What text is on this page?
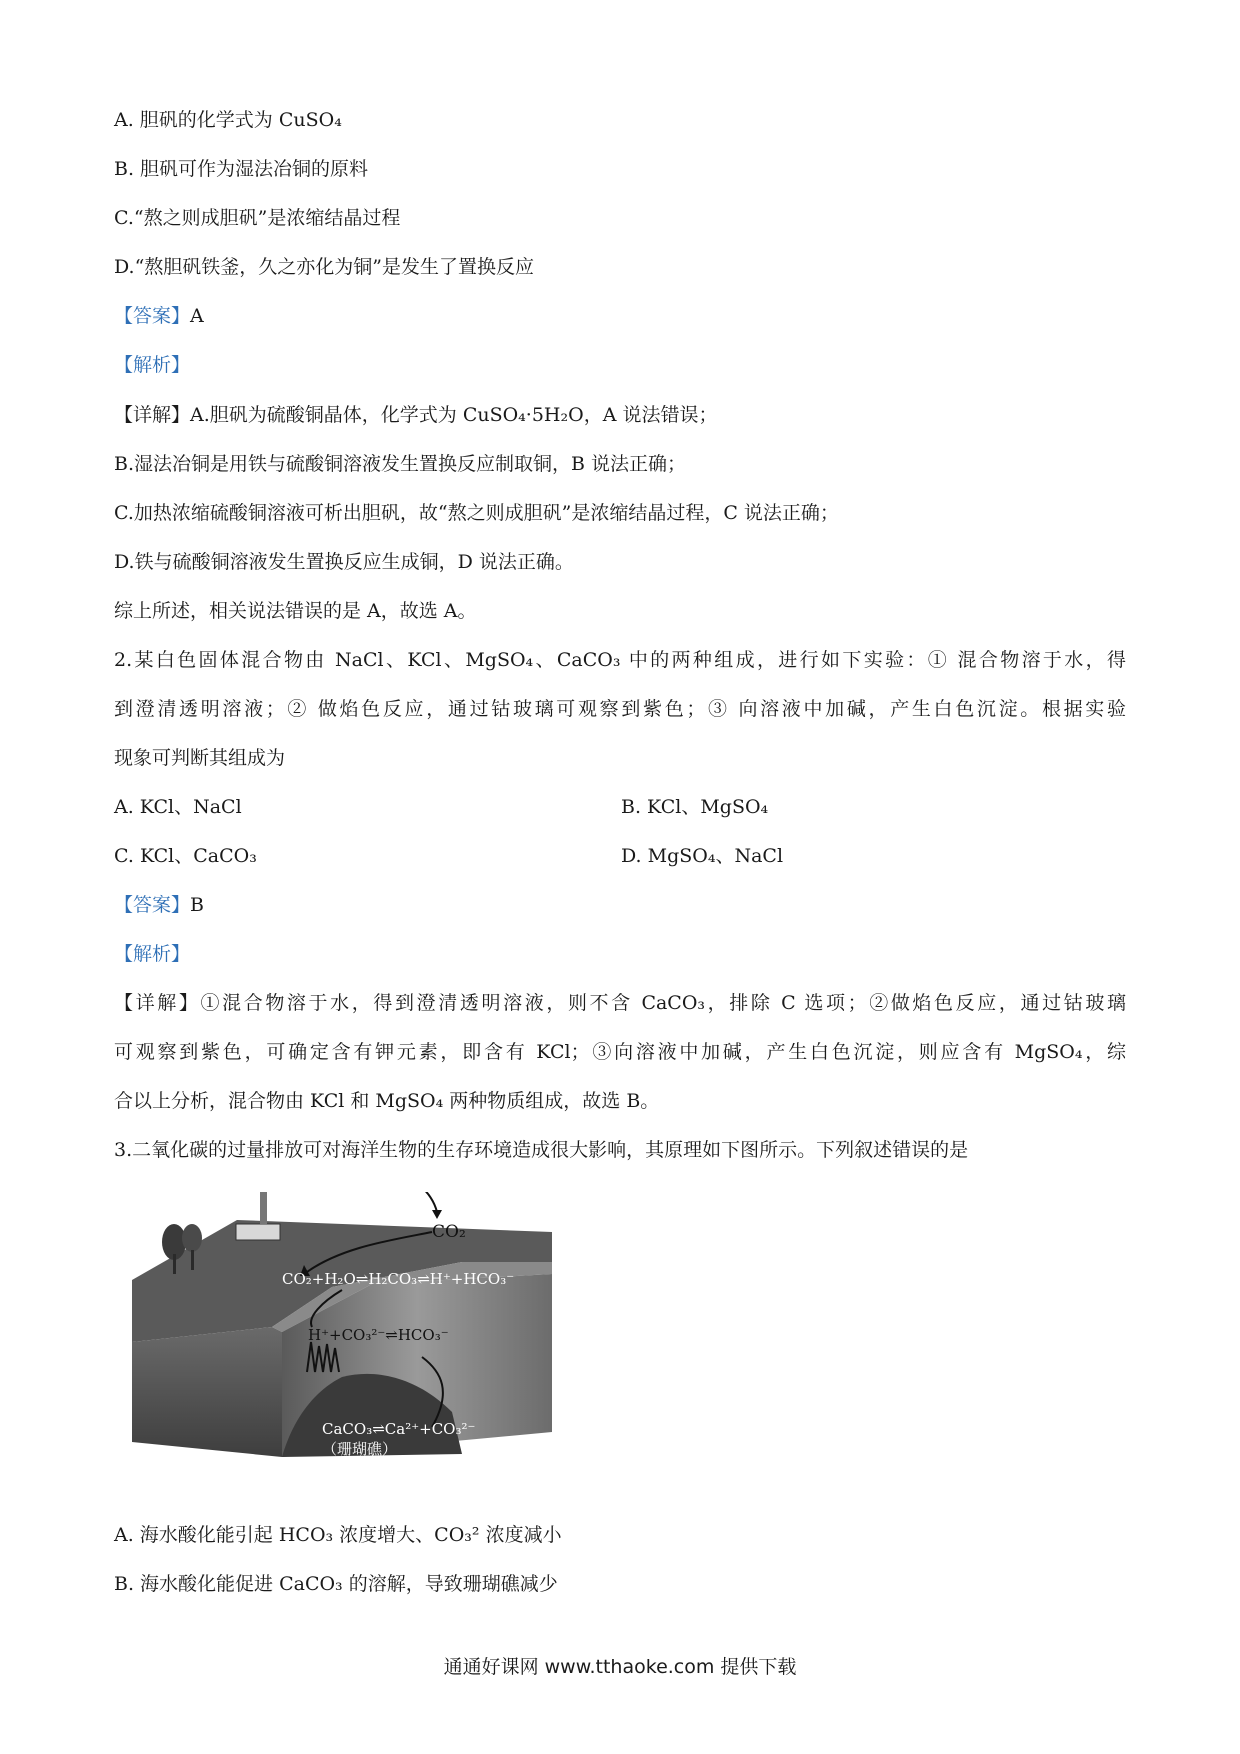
A. 胆矾的化学式为 CuSO₄
B. 胆矾可作为湿法冶铜的原料
C.“熬之则成胆矾”是浓缩结晶过程
D.“熬胆矾铁釜，久之亦化为铜”是发生了置换反应
【答案】A
【解析】
【详解】A.胆矾为硫酸铜晶体，化学式为 CuSO₄·5H₂O，A 说法错误；
B.湿法冶铜是用铁与硫酸铜溶液发生置换反应制取铜，B 说法正确；
C.加热浓缩硫酸铜溶液可析出胆矾，故“熬之则成胆矾”是浓缩结晶过程，C 说法正确；
D.铁与硫酸铜溶液发生置换反应生成铜，D 说法正确。
综上所述，相关说法错误的是 A，故选 A。
2.某白色固体混合物由 NaCl、KCl、MgSO₄、CaCO₃ 中的两种组成，进行如下实验：① 混合物溶于水，得
到澄清透明溶液；② 做焰色反应，通过钴玻璃可观察到紫色；③ 向溶液中加碱，产生白色沉淀。根据实验
现象可判断其组成为
A. KCl、NaCl	B. KCl、MgSO₄
C. KCl、CaCO₃	D. MgSO₄、NaCl
【答案】B
【解析】
【详解】①混合物溶于水，得到澄清透明溶液，则不含 CaCO₃，排除 C 选项；②做焰色反应，通过钴玻璃
可观察到紫色，可确定含有钾元素，即含有 KCl；③向溶液中加碱，产生白色沉淀，则应含有 MgSO₄，综
合以上分析，混合物由 KCl 和 MgSO₄ 两种物质组成，故选 B。
3.二氧化碳的过量排放可对海洋生物的生存环境造成很大影响，其原理如下图所示。下列叙述错误的是
CO₂
CO₂+H₂O⇌H₂CO₃⇌H⁺+HCO₃⁻
H⁺+CO₃²⁻⇌HCO₃⁻
CaCO₃⇌Ca²⁺+CO₃²⁻
（珊瑚礁）
A. 海水酸化能引起 HCO₃ 浓度增大、CO₃² 浓度减小
B. 海水酸化能促进 CaCO₃ 的溶解，导致珊瑚礁减少
通通好课网 www.tthaoke.com 提供下载
